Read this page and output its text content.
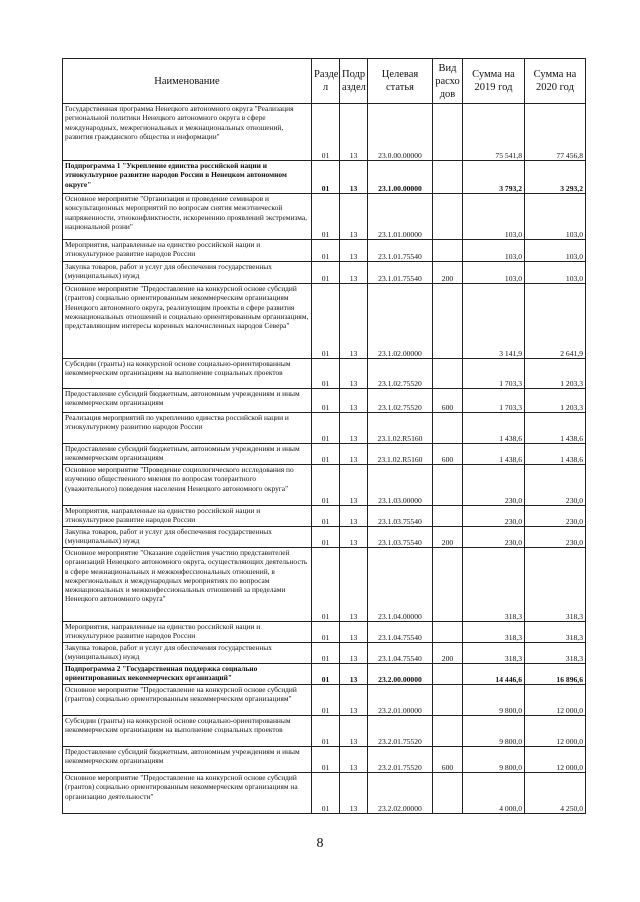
Наименование	Разде л	Подр аздел	Целевая статья	Вид расхо дов	Сумма на 2019 год	Сумма на 2020 год
Государственная программа Ненецкого автономного округа "Реализация региональной политики Ненецкого автономного округа в сфере международных, межрегиональных и межнациональных отношений, развития гражданского общества и информации"	01	13	23.0.00.00000		75 541,8	77 456,8
Подпрограмма 1 "Укрепление единства российской нации и этнокультурное развитие народов России в Ненецком автономном округе"	01	13	23.1.00.00000		3 793,2	3 293,2
Основное мероприятие "Организация и проведение семинаров и консультационных мероприятий по вопросам снятия межэтнической напряженности, этноконфликтности, искоренению проявлений экстремизма, национальной розни"	01	13	23.1.01.00000		103,0	103,0
Мероприятия, направленные на единство российской нации и этнокультурное развитие народов России	01	13	23.1.01.75540		103,0	103,0
Закупка товаров, работ и услуг для обеспечения государственных (муниципальных) нужд	01	13	23.1.01.75540	200	103,0	103,0
Основное мероприятие "Предоставление на конкурсной основе субсидий (грантов) социально ориентированным некоммерческим организациям Ненецкого автономного округа, реализующим проекты в сфере развития межнациональных отношений и социально ориентированным организациям, представляющим интересы коренных малочисленных народов Севера"	01	13	23.1.02.00000		3 141,9	2 641,9
Субсидии (гранты) на конкурсной основе социально-ориентированным некоммерческим организациям на выполнение социальных проектов	01	13	23.1.02.75520		1 703,3	1 203,3
Предоставление субсидий бюджетным, автономным учреждениям и иным некоммерческим организациям	01	13	23.1.02.75520	600	1 703,3	1 203,3
Реализация мероприятий по укреплению единства российской нации и этнокультурному развитию народов России	01	13	23.1.02.R5160		1 438,6	1 438,6
Предоставление субсидий бюджетным, автономным учреждениям и иным некоммерческим организациям	01	13	23.1.02.R5160	600	1 438,6	1 438,6
Основное мероприятие "Проведение социологического исследования по изучению общественного мнения по вопросам толерантного (уважительного) поведения населения Ненецкого автономного округа"	01	13	23.1.03.00000		230,0	230,0
Мероприятия, направленные на единство российской нации и этнокультурное развитие народов России	01	13	23.1.03.75540		230,0	230,0
Закупка товаров, работ и услуг для обеспечения государственных (муниципальных) нужд	01	13	23.1.03.75540	200	230,0	230,0
Основное мероприятие "Оказание содействия участию представителей организаций Ненецкого автономного округа, осуществляющих деятельность в сфере межнациональных и межконфессиональных отношений, в межрегиональных и международных мероприятиях по вопросам межнациональных и межконфессиональных отношений за пределами Ненецкого автономного округа"	01	13	23.1.04.00000		318,3	318,3
Мероприятия, направленные на единство российской нации и этнокультурное развитие народов России	01	13	23.1.04.75540		318,3	318,3
Закупка товаров, работ и услуг для обеспечения государственных (муниципальных) нужд	01	13	23.1.04.75540	200	318,3	318,3
Подпрограмма 2 "Государственная поддержка социально ориентированных некоммерческих организаций"	01	13	23.2.00.00000		14 446,6	16 896,6
Основное мероприятие "Предоставление на конкурсной основе субсидий (грантов) социально ориентированным некоммерческим организациям"	01	13	23.2.01.00000		9 800,0	12 000,0
Субсидии (гранты) на конкурсной основе социально-ориентированным некоммерческим организациям на выполнение социальных проектов	01	13	23.2.01.75520		9 800,0	12 000,0
Предоставление субсидий бюджетным, автономным учреждениям и иным некоммерческим организациям	01	13	23.2.01.75520	600	9 800,0	12 000,0
Основное мероприятие "Предоставление на конкурсной основе субсидий (грантов) социально ориентированным некоммерческим организациям на организацию деятельности"	01	13	23.2.02.00000		4 000,0	4 250,0
8
